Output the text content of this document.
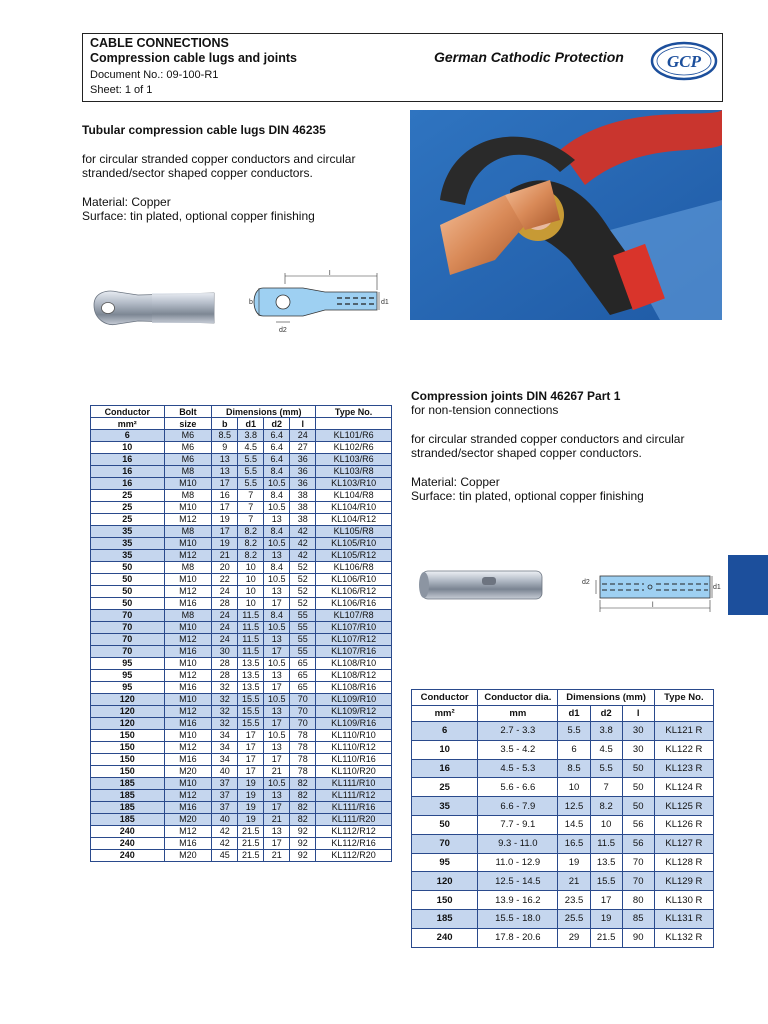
CABLE CONNECTIONS
Compression cable lugs and joints
Document No.: 09-100-R1
Sheet: 1 of 1
German Cathodic Protection	GCP
Tubular compression cable lugs DIN 46235
for circular stranded copper conductors and circular
stranded/sector shaped copper conductors.
Material: Copper
Surface: tin plated, optional copper finishing
l
b	d1
d2
Compression joints DIN 46267 Part 1
for non-tension connections
for circular stranded copper conductors and circular
stranded/sector shaped copper conductors.
Material: Copper
Surface: tin plated, optional copper finishing
d2
d1
l
Conductor	Bolt	Dimensions (mm)				Type No.
mm²	size	b	d1	d2	l	
6	M6	8.5	3.8	6.4	24	KL101/R6
10	M6	9	4.5	6.4	27	KL102/R6
16	M6	13	5.5	6.4	36	KL103/R6
16	M8	13	5.5	8.4	36	KL103/R8
16	M10	17	5.5	10.5	36	KL103/R10
25	M8	16	7	8.4	38	KL104/R8
25	M10	17	7	10.5	38	KL104/R10
25	M12	19	7	13	38	KL104/R12
35	M8	17	8.2	8.4	42	KL105/R8
35	M10	19	8.2	10.5	42	KL105/R10
35	M12	21	8.2	13	42	KL105/R12
50	M8	20	10	8.4	52	KL106/R8
50	M10	22	10	10.5	52	KL106/R10
50	M12	24	10	13	52	KL106/R12
50	M16	28	10	17	52	KL106/R16
70	M8	24	11.5	8.4	55	KL107/R8
70	M10	24	11.5	10.5	55	KL107/R10
70	M12	24	11.5	13	55	KL107/R12
70	M16	30	11.5	17	55	KL107/R16
95	M10	28	13.5	10.5	65	KL108/R10
95	M12	28	13.5	13	65	KL108/R12
95	M16	32	13.5	17	65	KL108/R16
120	M10	32	15.5	10.5	70	KL109/R10
120	M12	32	15.5	13	70	KL109/R12
120	M16	32	15.5	17	70	KL109/R16
150	M10	34	17	10.5	78	KL110/R10
150	M12	34	17	13	78	KL110/R12
150	M16	34	17	17	78	KL110/R16
150	M20	40	17	21	78	KL110/R20
185	M10	37	19	10.5	82	KL111/R10
185	M12	37	19	13	82	KL111/R12
185	M16	37	19	17	82	KL111/R16
185	M20	40	19	21	82	KL111/R20
240	M12	42	21.5	13	92	KL112/R12
240	M16	42	21.5	17	92	KL112/R16
240	M20	45	21.5	21	92	KL112/R20
Conductor	Conductor dia.	Dimensions (mm)			Type No.
mm²	mm	d1	d2	l	
6	2.7 - 3.3	5.5	3.8	30	KL121 R
10	3.5 - 4.2	6	4.5	30	KL122 R
16	4.5 - 5.3	8.5	5.5	50	KL123 R
25	5.6 - 6.6	10	7	50	KL124 R
35	6.6 - 7.9	12.5	8.2	50	KL125 R
50	7.7 - 9.1	14.5	10	56	KL126 R
70	9.3 - 11.0	16.5	11.5	56	KL127 R
95	11.0 - 12.9	19	13.5	70	KL128 R
120	12.5 - 14.5	21	15.5	70	KL129 R
150	13.9 - 16.2	23.5	17	80	KL130 R
185	15.5 - 18.0	25.5	19	85	KL131 R
240	17.8 - 20.6	29	21.5	90	KL132 R
